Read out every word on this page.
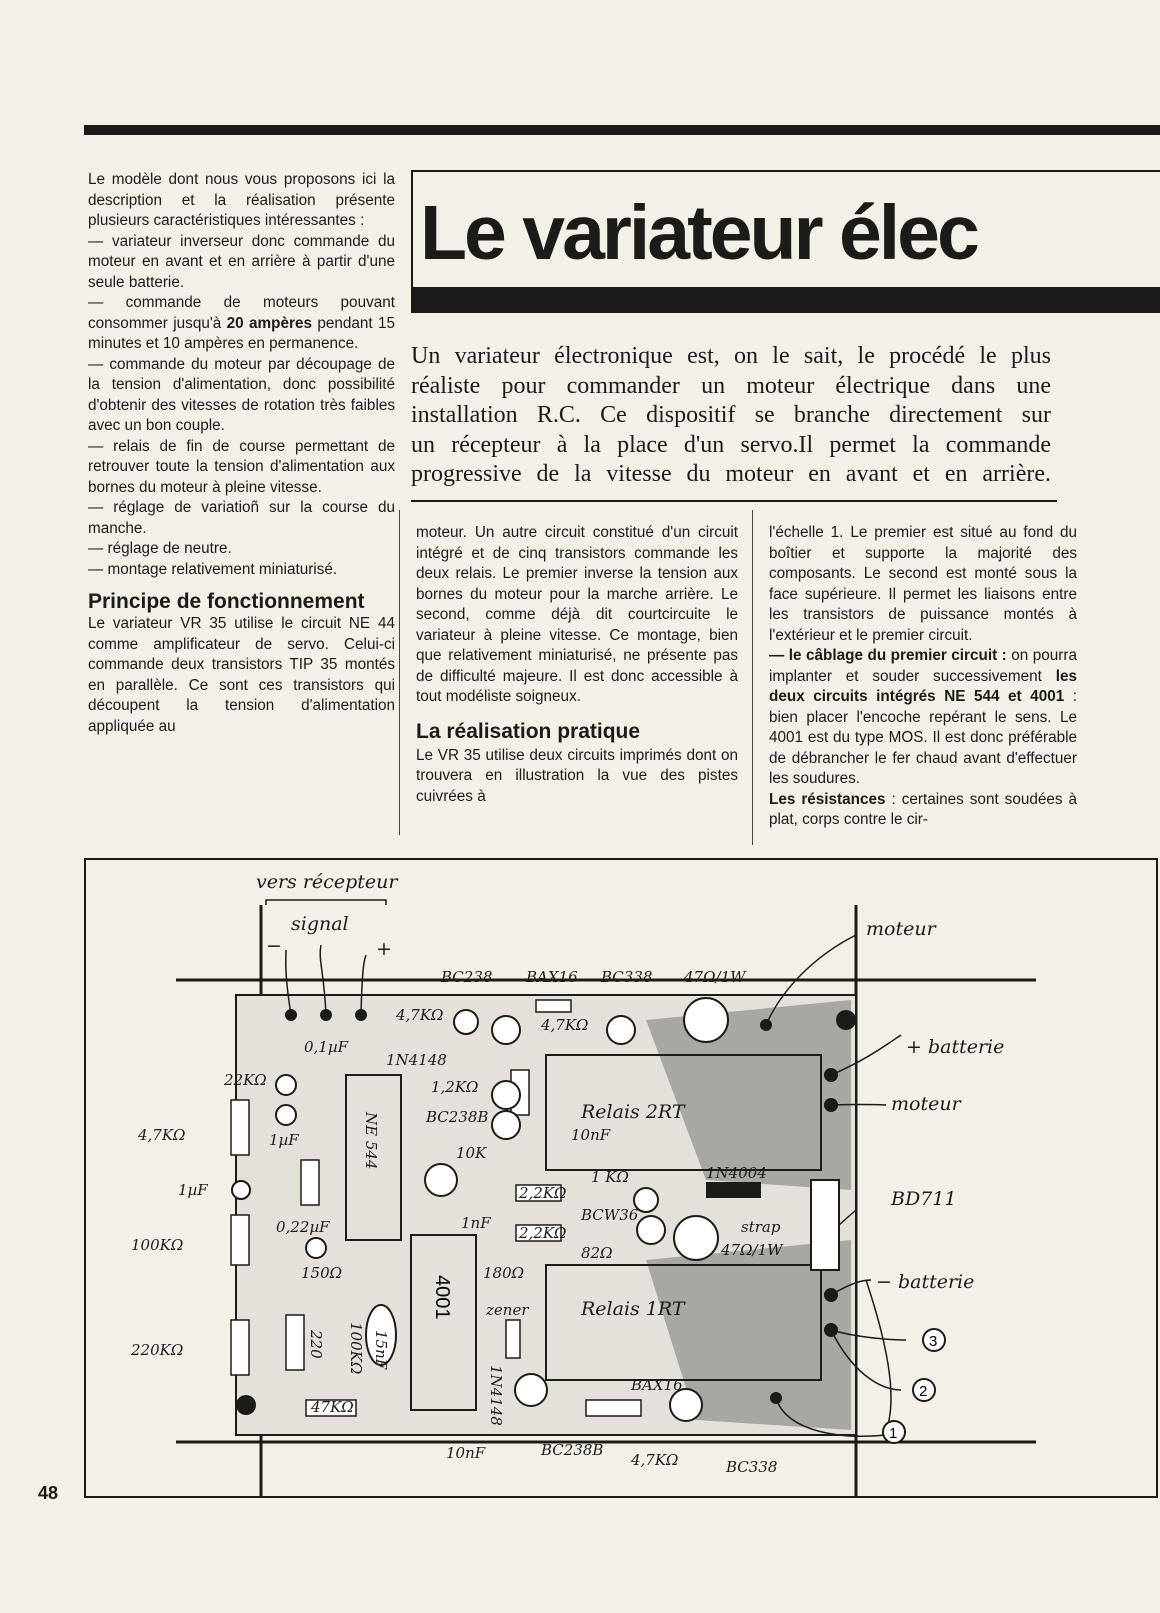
Le modèle dont nous vous proposons ici la description et la réalisation présente plusieurs caractéristiques intéressantes :

— variateur inverseur donc commande du moteur en avant et en arrière à partir d'une seule batterie.

— commande de moteurs pouvant consommer jusqu'à 20 ampères pendant 15 minutes et 10 ampères en permanence.

— commande du moteur par découpage de la tension d'alimentation, donc possibilité d'obtenir des vitesses de rotation très faibles avec un bon couple.

— relais de fin de course permettant de retrouver toute la tension d'alimentation aux bornes du moteur à pleine vitesse.

— réglage de variatioñ sur la course du manche.

— réglage de neutre.

— montage relativement miniaturisé.

Principe de fonctionnement

Le variateur VR 35 utilise le circuit NE 44 comme amplificateur de servo. Celui-ci commande deux transistors TIP 35 montés en parallèle. Ce sont ces transistors qui découpent la tension d'alimentation appliquée au

Le variateur élec

Un variateur électronique est, on le sait, le procédé le plus

réaliste pour commander un moteur électrique dans une

installation R.C. Ce dispositif se branche directement sur

un récepteur à la place d'un servo.Il permet la commande

progressive de la vitesse du moteur en avant et en arrière.

moteur. Un autre circuit constitué d'un circuit intégré et de cinq transistors commande les deux relais. Le premier inverse la tension aux bornes du moteur pour la marche arrière. Le second, comme déjà dit courtcircuite le variateur à pleine vitesse. Ce montage, bien que relativement miniaturisé, ne présente pas de difficulté majeure. Il est donc accessible à tout modéliste soigneux.

La réalisation pratique

Le VR 35 utilise deux circuits imprimés dont on trouvera en illustration la vue des pistes cuivrées à

l'échelle 1. Le premier est situé au fond du boîtier et supporte la majorité des composants. Le second est monté sous la face supérieure. Il permet les liaisons entre les transistors de puissance montés à l'extérieur et le premier circuit.

— le câblage du premier circuit : on pourra implanter et souder successivement les deux circuits intégrés NE 544 et 4001 : bien placer l'encoche repérant le sens. Le 4001 est du type MOS. Il est donc préférable de débrancher le fer chaud avant d'effectuer les soudures.

Les résistances : certaines sont soudées à plat, corps contre le cir-

1
2
3
vers récepteur
signal
−	+
BC238 BAX16 BC338 47Ω/1W
moteur
+ batterie
moteur
4,7KΩ
1µF
100KΩ
220KΩ
22KΩ
0,1µF
4,7KΩ
4,7KΩ
1N4148
1,2KΩ
BC238B
NE 544	Relais 2RT
10nF
10K
1µF
0,22µF
150Ω
1 KΩ	1N4004
2,2KΩ
2,2KΩ
BCW36
82Ω
strap
47Ω/1W
1nF
BD711
− batterie
4001
180Ω
zener	Relais 1RT
220 100KΩ 15nF
47KΩ	1N4148	BAX16
10nF	BC238B
4,7KΩ	BC338
48
